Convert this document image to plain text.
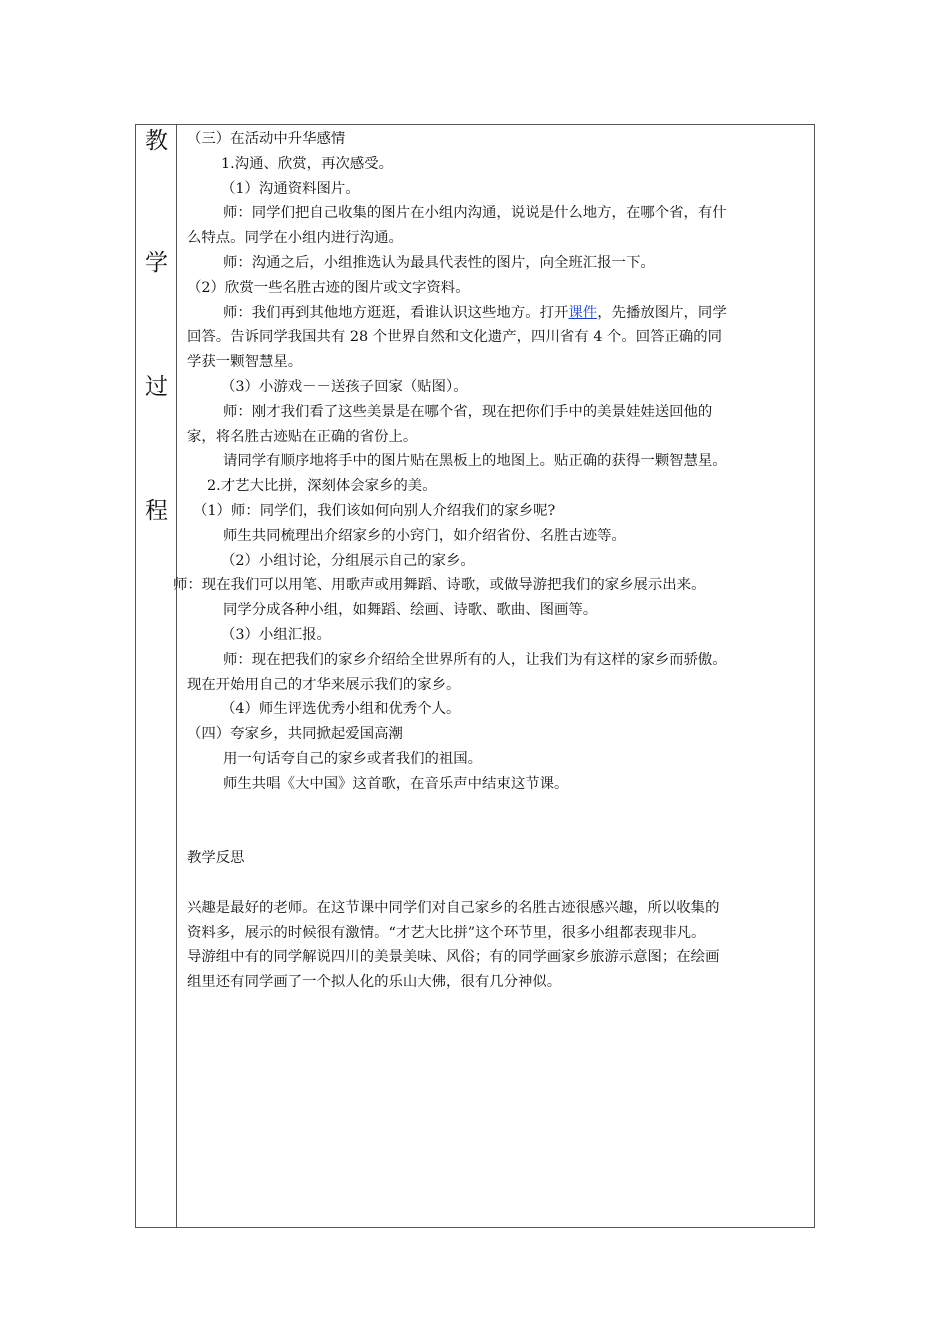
教
学
过
程
（三）在活动中升华感情
1.沟通、欣赏，再次感受。
（1）沟通资料图片。
师：同学们把自己收集的图片在小组内沟通，说说是什么地方，在哪个省，有什
么特点。同学在小组内进行沟通。
师：沟通之后，小组推选认为最具代表性的图片，向全班汇报一下。
（2）欣赏一些名胜古迹的图片或文字资料。
师：我们再到其他地方逛逛，看谁认识这些地方。打开课件，先播放图片，同学
回答。告诉同学我国共有 28 个世界自然和文化遗产，四川省有 4 个。回答正确的同
学获一颗智慧星。
（3）小游戏－－送孩子回家（贴图）。
师：刚才我们看了这些美景是在哪个省，现在把你们手中的美景娃娃送回他的
家，将名胜古迹贴在正确的省份上。
请同学有顺序地将手中的图片贴在黑板上的地图上。贴正确的获得一颗智慧星。
2.才艺大比拼，深刻体会家乡的美。
（1）师：同学们，我们该如何向别人介绍我们的家乡呢?
师生共同梳理出介绍家乡的小窍门，如介绍省份、名胜古迹等。
（2）小组讨论，分组展示自己的家乡。
师：现在我们可以用笔、用歌声或用舞蹈、诗歌，或做导游把我们的家乡展示出来。
同学分成各种小组，如舞蹈、绘画、诗歌、歌曲、图画等。
（3）小组汇报。
师：现在把我们的家乡介绍给全世界所有的人，让我们为有这样的家乡而骄傲。
现在开始用自己的才华来展示我们的家乡。
（4）师生评选优秀小组和优秀个人。
（四）夸家乡，共同掀起爱国高潮
用一句话夸自己的家乡或者我们的祖国。
师生共唱《大中国》这首歌，在音乐声中结束这节课。
教学反思
兴趣是最好的老师。在这节课中同学们对自己家乡的名胜古迹很感兴趣，所以收集的
资料多，展示的时候很有激情。“才艺大比拼”这个环节里，很多小组都表现非凡。
导游组中有的同学解说四川的美景美味、风俗；有的同学画家乡旅游示意图；在绘画
组里还有同学画了一个拟人化的乐山大佛，很有几分神似。
